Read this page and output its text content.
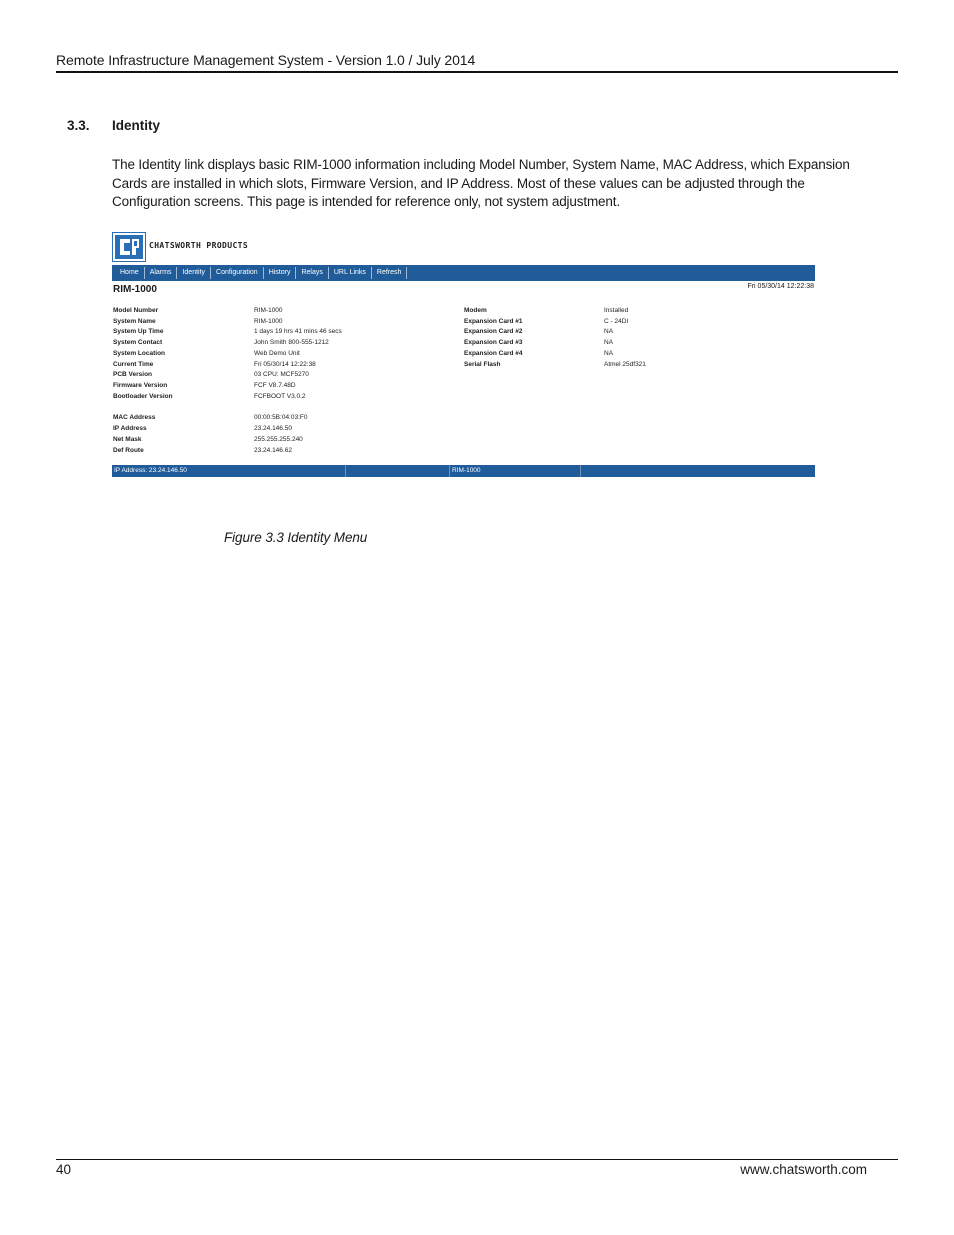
Remote Infrastructure Management System - Version 1.0 / July 2014
3.3. Identity
The Identity link displays basic RIM-1000 information including Model Number, System Name, MAC Address, which Expansion Cards are installed in which slots, Firmware Version, and IP Address. Most of these values can be adjusted through the Configuration screens. This page is intended for reference only, not system adjustment.
CHATSWORTH PRODUCTS
Home	Alarms	Identity	Configuration	History	Relays	URL Links	Refresh
RIM-1000	Fri 05/30/14 12:22:38
Model Number	RIM-1000
System Name	RIM-1000
System Up Time	1 days 19 hrs 41 mins 46 secs
System Contact	John Smith 800-555-1212
System Location	Web Demo Unit
Current Time	Fri 05/30/14 12:22:38
PCB Version	03 CPU: MCF5270
Firmware Version	FCF V8.7.48D
Bootloader Version	FCFBOOT V3.0.2
MAC Address	00:00:5B:04:03:F0
IP Address	23.24.146.50
Net Mask	255.255.255.240
Def Route	23.24.146.62
Modem	Installed
Expansion Card #1	C - 24DI
Expansion Card #2	NA
Expansion Card #3	NA
Expansion Card #4	NA
Serial Flash	Atmel 25df321
IP Address: 23.24.146.50	RIM-1000
Figure 3.3 Identity Menu
40	www.chatsworth.com
